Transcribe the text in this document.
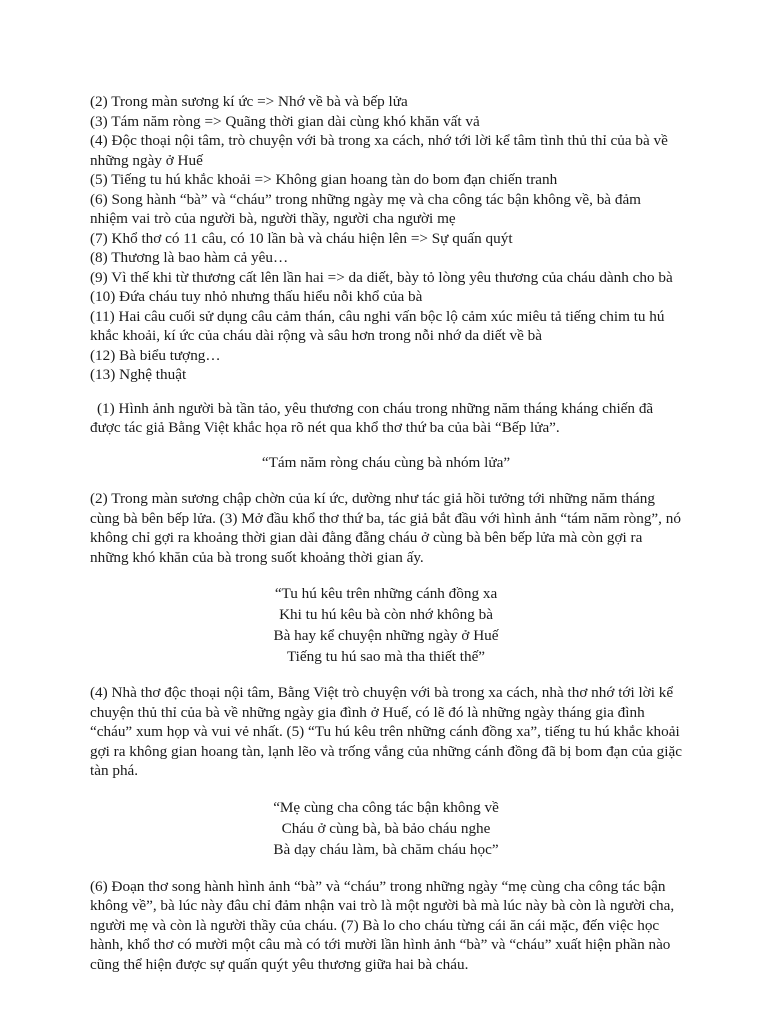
(2) Trong màn sương kí ức => Nhớ về bà và bếp lửa

(3) Tám năm ròng => Quãng thời gian dài cùng khó khăn vất vả

(4) Độc thoại nội tâm, trò chuyện với bà trong xa cách, nhớ tới lời kể tâm tình thủ thỉ của bà về những ngày ở Huế

(5) Tiếng tu hú khắc khoải => Không gian hoang tàn do bom đạn chiến tranh

(6) Song hành “bà” và “cháu” trong những ngày mẹ và cha công tác bận không về, bà đảm nhiệm vai trò của người bà, người thầy, người cha người mẹ

(7) Khổ thơ có 11 câu, có 10 lần bà và cháu hiện lên => Sự quấn quýt

(8) Thương là bao hàm cả yêu…

(9) Vì thế khi từ thương cất lên lần hai => da diết, bày tỏ lòng yêu thương của cháu dành cho bà

(10) Đứa cháu tuy nhỏ nhưng thấu hiểu nỗi khổ của bà

(11) Hai câu cuối sử dụng câu cảm thán, câu nghi vấn bộc lộ cảm xúc miêu tả tiếng chim tu hú khắc khoải, kí ức của cháu dài rộng và sâu hơn trong nỗi nhớ da diết về bà

(12) Bà biểu tượng…

(13) Nghệ thuật

(1) Hình ảnh người bà tần tảo, yêu thương con cháu trong những năm tháng kháng chiến đã được tác giả Bằng Việt khắc họa rõ nét qua khổ thơ thứ ba của bài “Bếp lửa”.

“Tám năm ròng cháu cùng bà nhóm lửa”

(2) Trong màn sương chập chờn của kí ức, dường như tác giả hồi tưởng tới những năm tháng cùng bà bên bếp lửa. (3) Mở đầu khổ thơ thứ ba, tác giả bắt đầu với hình ảnh “tám năm ròng”, nó không chỉ gợi ra khoảng thời gian dài đằng đẵng cháu ở cùng bà bên bếp lửa mà còn gợi ra những khó khăn của bà trong suốt khoảng thời gian ấy.

“Tu hú kêu trên những cánh đồng xa

Khi tu hú kêu bà còn nhớ không bà

Bà hay kể chuyện những ngày ở Huế

Tiếng tu hú sao mà tha thiết thế”

(4) Nhà thơ độc thoại nội tâm, Bằng Việt trò chuyện với bà trong xa cách, nhà thơ nhớ tới lời kể chuyện thủ thỉ của bà về những ngày gia đình ở Huế, có lẽ đó là những ngày tháng gia đình “cháu” xum họp và vui vẻ nhất. (5) “Tu hú kêu trên những cánh đồng xa”, tiếng tu hú khắc khoải gợi ra không gian hoang tàn, lạnh lẽo và trống vắng của những cánh đồng đã bị bom đạn của giặc tàn phá.

“Mẹ cùng cha công tác bận không về

Cháu ở cùng bà, bà bảo cháu nghe

Bà dạy cháu làm, bà chăm cháu học”

(6) Đoạn thơ song hành hình ảnh “bà” và “cháu” trong những ngày “mẹ cùng cha công tác bận không về”, bà lúc này đâu chỉ đảm nhận vai trò là một người bà mà lúc này bà còn là người cha, người mẹ và còn là người thầy của cháu. (7) Bà lo cho cháu từng cái ăn cái mặc, đến việc học hành, khổ thơ có mười một câu mà có tới mười lần hình ảnh “bà” và “cháu” xuất hiện phần nào cũng thể hiện được sự quấn quýt yêu thương giữa hai bà cháu.
